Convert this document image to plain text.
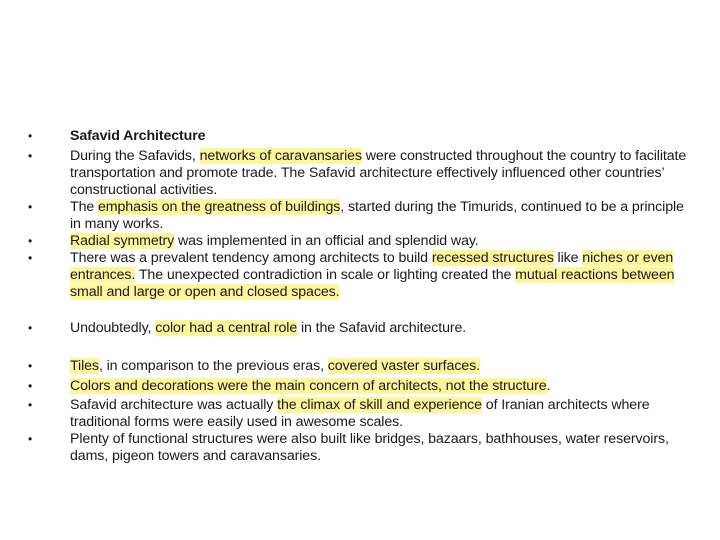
•	Safavid Architecture
•	During the Safavids, networks of caravansaries were constructed throughout the country to facilitate transportation and promote trade. The Safavid architecture effectively influenced other countries’ constructional activities.
•	The emphasis on the greatness of buildings, started during the Timurids, continued to be a principle in many works.
•	Radial symmetry was implemented in an official and splendid way.
•	There was a prevalent tendency among architects to build recessed structures like niches or even entrances. The unexpected contradiction in scale or lighting created the mutual reactions between small and large or open and closed spaces.
•	Undoubtedly, color had a central role in the Safavid architecture.
•	Tiles, in comparison to the previous eras, covered vaster surfaces.
•	Colors and decorations were the main concern of architects, not the structure.
•	Safavid architecture was actually the climax of skill and experience of Iranian architects where traditional forms were easily used in awesome scales.
•	Plenty of functional structures were also built like bridges, bazaars, bathhouses, water reservoirs, dams, pigeon towers and caravansaries.
